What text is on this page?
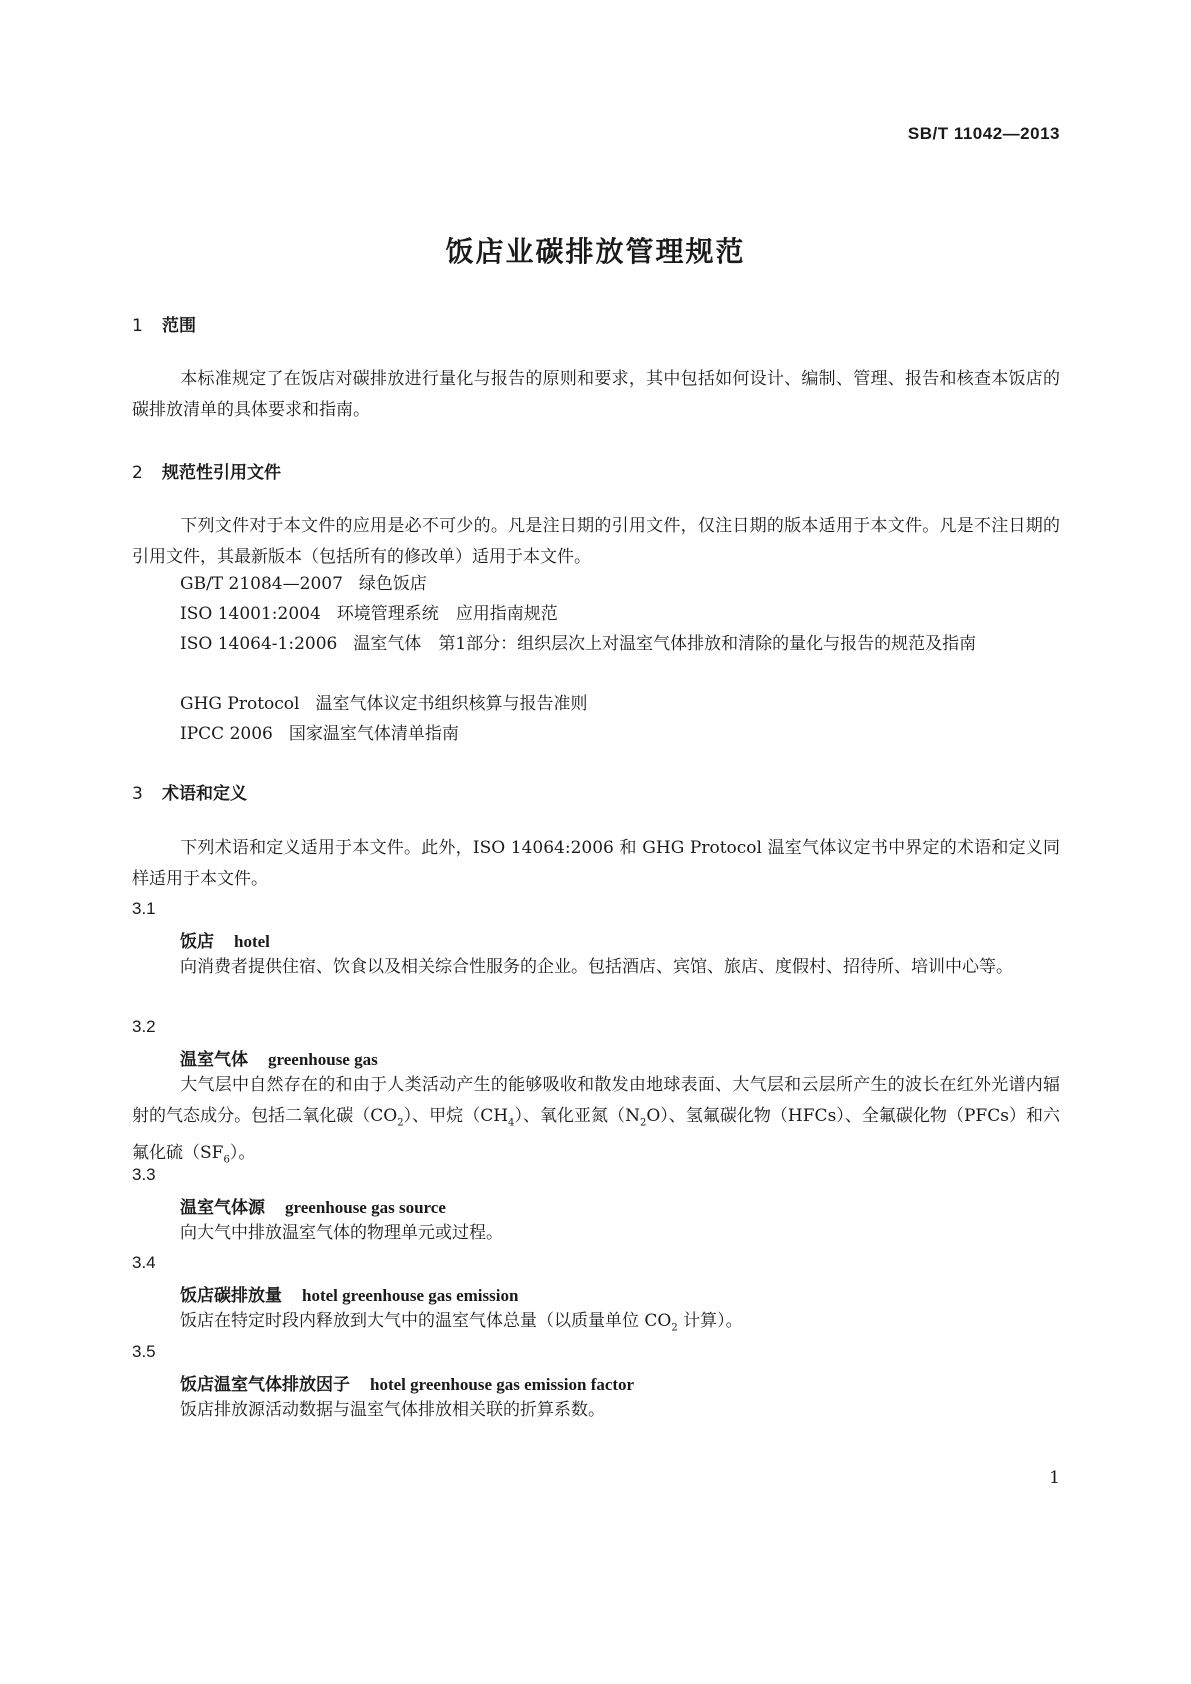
SB/T 11042—2013
饭店业碳排放管理规范
1 范围
本标准规定了在饭店对碳排放进行量化与报告的原则和要求，其中包括如何设计、编制、管理、报告和核查本饭店的碳排放清单的具体要求和指南。
2 规范性引用文件
下列文件对于本文件的应用是必不可少的。凡是注日期的引用文件，仅注日期的版本适用于本文件。凡是不注日期的引用文件，其最新版本（包括所有的修改单）适用于本文件。
GB/T 21084—2007 绿色饭店
ISO 14001:2004 环境管理系统　应用指南规范
ISO 14064-1:2006 温室气体　第1部分：组织层次上对温室气体排放和清除的量化与报告的规范及指南
GHG Protocol 温室气体议定书组织核算与报告准则
IPCC 2006 国家温室气体清单指南
3 术语和定义
下列术语和定义适用于本文件。此外，ISO 14064:2006 和 GHG Protocol 温室气体议定书中界定的术语和定义同样适用于本文件。
3.1
饭店 hotel
向消费者提供住宿、饮食以及相关综合性服务的企业。包括酒店、宾馆、旅店、度假村、招待所、培训中心等。
3.2
温室气体 greenhouse gas
大气层中自然存在的和由于人类活动产生的能够吸收和散发由地球表面、大气层和云层所产生的波长在红外光谱内辐射的气态成分。包括二氧化碳$(CO_2)$、甲烷$(CH_4)$、氧化亚氮$(N_2O)$、氢氟碳化物（HFCs）、全氟碳化物（PFCs）和六氟化硫$(SF_6)$。
3.3
温室气体源 greenhouse gas source
向大气中排放温室气体的物理单元或过程。
3.4
饭店碳排放量 hotel greenhouse gas emission
饭店在特定时段内释放到大气中的温室气体总量（以质量单位 $CO_2$ 计算）。
3.5
饭店温室气体排放因子 hotel greenhouse gas emission factor
饭店排放源活动数据与温室气体排放相关联的折算系数。
1
